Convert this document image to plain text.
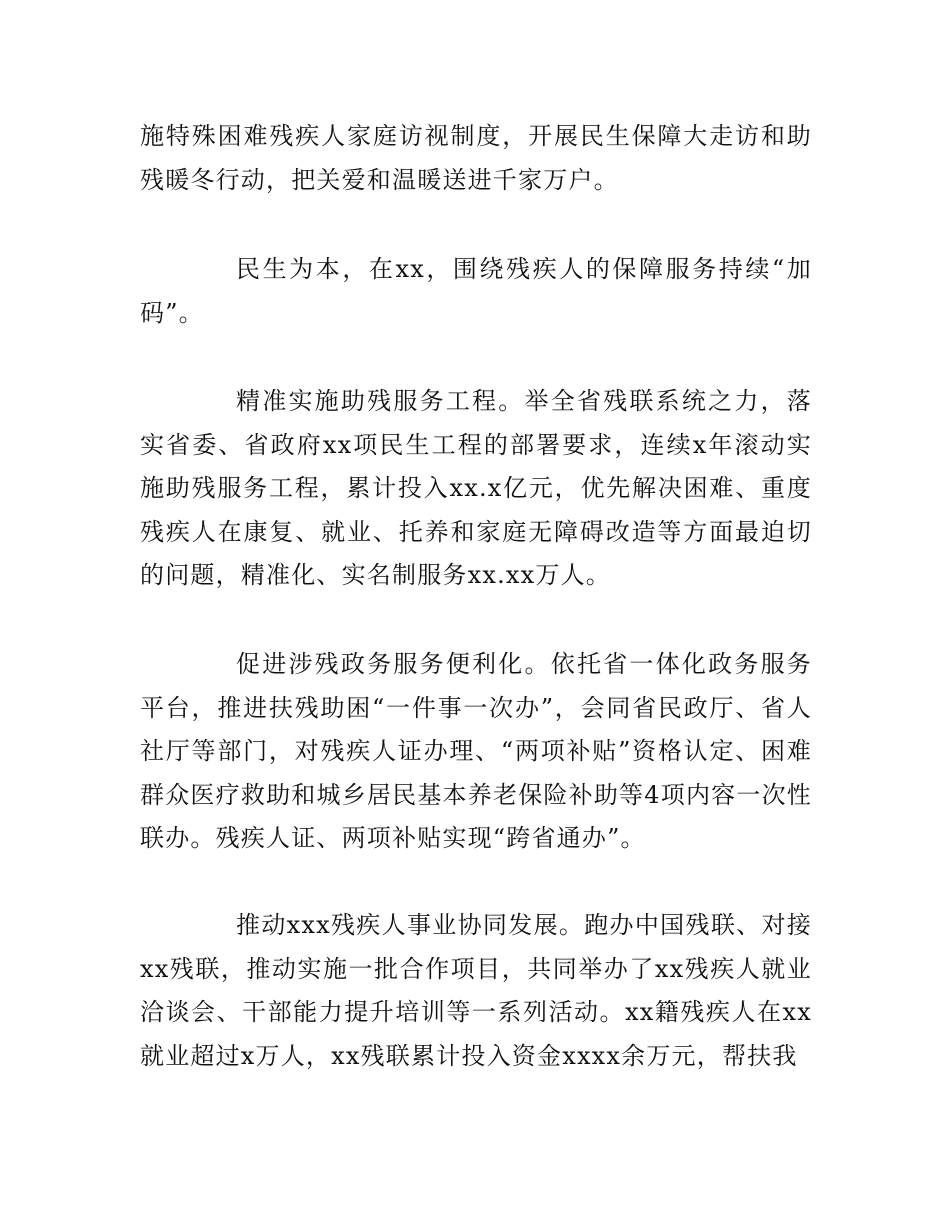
施特殊困难残疾人家庭访视制度，开展民生保障大走访和助残暖冬行动，把关爱和温暖送进千家万户。

民生为本，在xx，围绕残疾人的保障服务持续“加码”。

精准实施助残服务工程。举全省残联系统之力，落实省委、省政府xx项民生工程的部署要求，连续x年滚动实施助残服务工程，累计投入xx.x亿元，优先解决困难、重度残疾人在康复、就业、托养和家庭无障碍改造等方面最迫切的问题，精准化、实名制服务xx.xx万人。

促进涉残政务服务便利化。依托省一体化政务服务平台，推进扶残助困“一件事一次办”，会同省民政厅、省人社厅等部门，对残疾人证办理、“两项补贴”资格认定、困难群众医疗救助和城乡居民基本养老保险补助等4项内容一次性联办。残疾人证、两项补贴实现“跨省通办”。

推动xxx残疾人事业协同发展。跑办中国残联、对接xx残联，推动实施一批合作项目，共同举办了xx残疾人就业洽谈会、干部能力提升培训等一系列活动。xx籍残疾人在xx就业超过x万人，xx残联累计投入资金xxxx余万元，帮扶我
